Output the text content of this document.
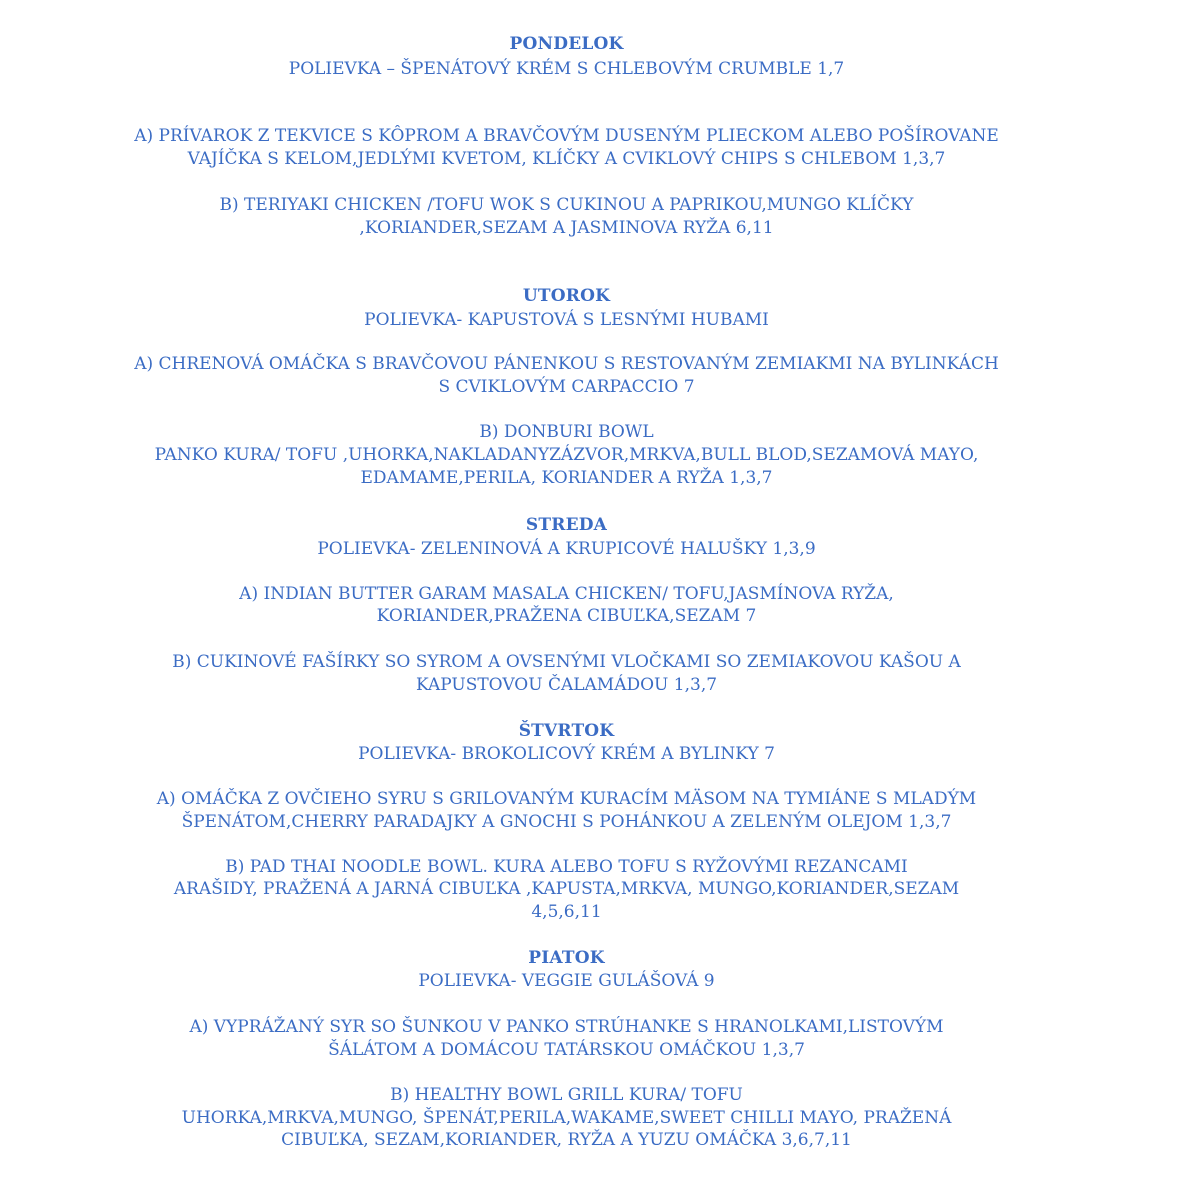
PONDELOK
POLIEVKA – ŠPENÁTOVÝ KRÉM S CHLEBOVÝM CRUMBLE 1,7
A) PRÍVAROK Z TEKVICE S KÔPROM A BRAVČOVÝM DUSENÝM PLIECKOM ALEBO POŠÍROVANE
VAJÍČKA S KELOM,JEDLÝMI KVETOM, KLÍČKY A CVIKLOVÝ CHIPS S CHLEBOM 1,3,7
B) TERIYAKI CHICKEN /TOFU WOK S CUKINOU A PAPRIKOU,MUNGO KLÍČKY
,KORIANDER,SEZAM A JASMINOVA RYŽA 6,11
UTOROK
POLIEVKA- KAPUSTOVÁ S LESNÝMI HUBAMI
A) CHRENOVÁ OMÁČKA S BRAVČOVOU PÁNENKOU S RESTOVANÝM ZEMIAKMI NA BYLINKÁCH
S CVIKLOVÝM CARPACCIO 7
B) DONBURI BOWL
PANKO KURA/ TOFU ,UHORKA,NAKLADANYZÁZVOR,MRKVA,BULL BLOD,SEZAMOVÁ MAYO,
EDAMAME,PERILA, KORIANDER A RYŽA 1,3,7
STREDA
POLIEVKA- ZELENINOVÁ A KRUPICOVÉ HALUŠKY 1,3,9
A) INDIAN BUTTER GARAM MASALA CHICKEN/ TOFU,JASMÍNOVA RYŽA,
KORIANDER,PRAŽENA CIBUĽKA,SEZAM 7
B) CUKINOVÉ FAŠÍRKY SO SYROM A OVSENÝMI VLOČKAMI SO ZEMIAKOVOU KAŠOU A
KAPUSTOVOU ČALAMÁDOU 1,3,7
ŠTVRTOK
POLIEVKA- BROKOLICOVÝ KRÉM A BYLINKY 7
A) OMÁČKA Z OVČIEHO SYRU S GRILOVANÝM KURACÍM MÄSOM NA TYMIÁNE S MLADÝM
ŠPENÁTOM,CHERRY PARADAJKY A GNOCHI S POHÁNKOU A ZELENÝM OLEJOM 1,3,7
B) PAD THAI NOODLE BOWL. KURA ALEBO TOFU S RYŽOVÝMI REZANCAMI
ARAŠIDY, PRAŽENÁ A JARNÁ CIBUĽKA ,KAPUSTA,MRKVA, MUNGO,KORIANDER,SEZAM
4,5,6,11
PIATOK
POLIEVKA- VEGGIE GULÁŠOVÁ 9
A) VYPRÁŽANÝ SYR SO ŠUNKOU V PANKO STRÚHANKE S HRANOLKAMI,LISTOVÝM
ŠÁLÁTOM A DOMÁCOU TATÁRSKOU OMÁČKOU 1,3,7
B) HEALTHY BOWL GRILL KURA/ TOFU
UHORKA,MRKVA,MUNGO, ŠPENÁT,PERILA,WAKAME,SWEET CHILLI MAYO, PRAŽENÁ
CIBUĽKA, SEZAM,KORIANDER, RYŽA A YUZU OMÁČKA 3,6,7,11
